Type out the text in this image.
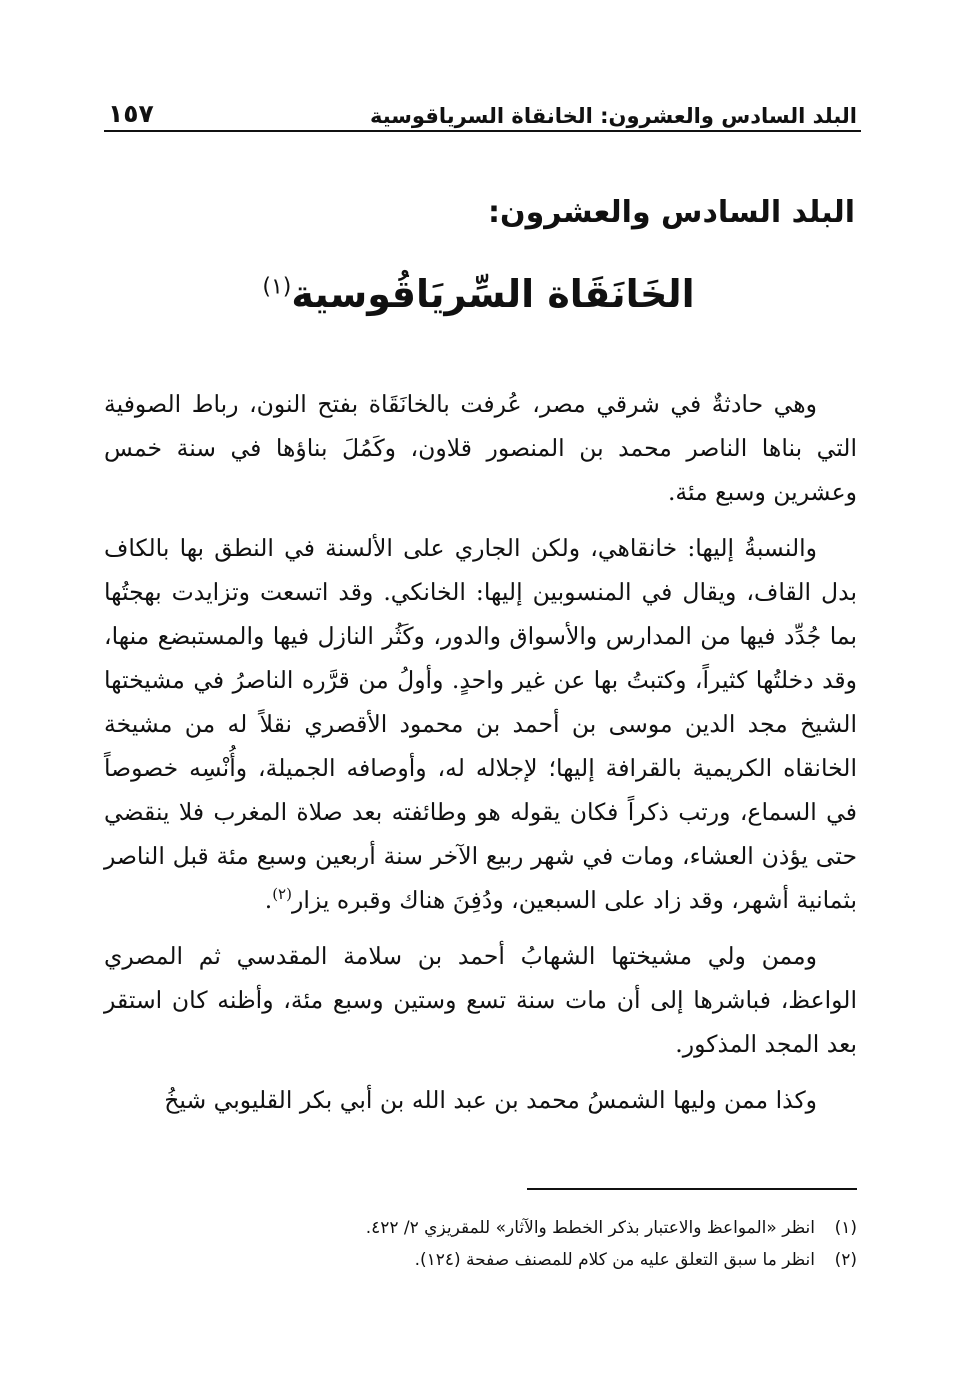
البلد السادس والعشرون: الخانقاة السرياقوسية
١٥٧
البلد السادس والعشرون:
الخَانَقَاة السِّريَاقُوسية$^{(١)}$

وهي حادثةٌ في شرقي مصر، عُرفت بالخانَقَاة بفتح النون، رباط الصوفية التي بناها الناصر محمد بن المنصور قلاون، وكَمُلَ بناؤها في سنة خمس وعشرين وسبع مئة.

والنسبةُ إليها: خانقاهي، ولكن الجاري على الألسنة في النطق بها بالكاف بدل القاف، ويقال في المنسوبين إليها: الخانكي. وقد اتسعت وتزايدت بهجتُها بما جُدِّد فيها من المدارس والأسواق والدور، وكَثُر النازل فيها والمستبضع منها، وقد دخلتُها كثيراً، وكتبتُ بها عن غير واحدٍ. وأولُ من قرَّره الناصرُ في مشيختها الشيخ مجد الدين موسى بن أحمد بن محمود الأقصري نقلاً له من مشيخة الخانقاه الكريمية بالقرافة إليها؛ لإجلاله له، وأوصافه الجميلة، وأُنْسِه خصوصاً في السماع، ورتب ذكراً فكان يقوله هو وطائفته بعد صلاة المغرب فلا ينقضي حتى يؤذن العشاء، ومات في شهر ربيع الآخر سنة أربعين وسبع مئة قبل الناصر بثمانية أشهر، وقد زاد على السبعين، ودُفِنَ هناك وقبره يزار$^{(٢)}$.

وممن ولي مشيختها الشهابُ أحمد بن سلامة المقدسي ثم المصري الواعظ، فباشرها إلى أن مات سنة تسع وستين وسبع مئة، وأظنه كان استقر بعد المجد المذكور.

وكذا ممن وليها الشمسُ محمد بن عبد الله بن أبي بكر القليوبي شيخُ

(١)
انظر «المواعظ والاعتبار بذكر الخطط والآثار» للمقريزي ٢/ ٤٢٢.
(٢)
انظر ما سبق التعلق عليه من كلام للمصنف صفحة (١٢٤).
